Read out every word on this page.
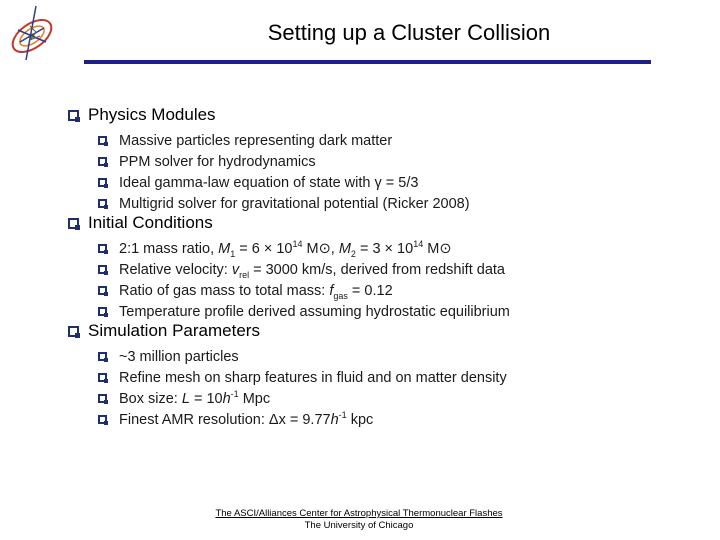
Setting up a Cluster Collision
Physics Modules
Massive particles representing dark matter
PPM solver for hydrodynamics
Ideal gamma-law equation of state with γ = 5/3
Multigrid solver for gravitational potential (Ricker 2008)
Initial Conditions
2:1 mass ratio, $M_1 = 6 \times 10^{14}$ M⊙, $M_2 = 3 \times 10^{14}$ M⊙
Relative velocity: $v_{rel} = 3000$ km/s, derived from redshift data
Ratio of gas mass to total mass: $f_{gas} = 0.12$
Temperature profile derived assuming hydrostatic equilibrium
Simulation Parameters
~3 million particles
Refine mesh on sharp features in fluid and on matter density
Box size: $L = 10h^{-1}$ Mpc
Finest AMR resolution: $\Delta x = 9.77h^{-1}$ kpc
The ASCI/Alliances Center for Astrophysical Thermonuclear Flashes

The University of Chicago
